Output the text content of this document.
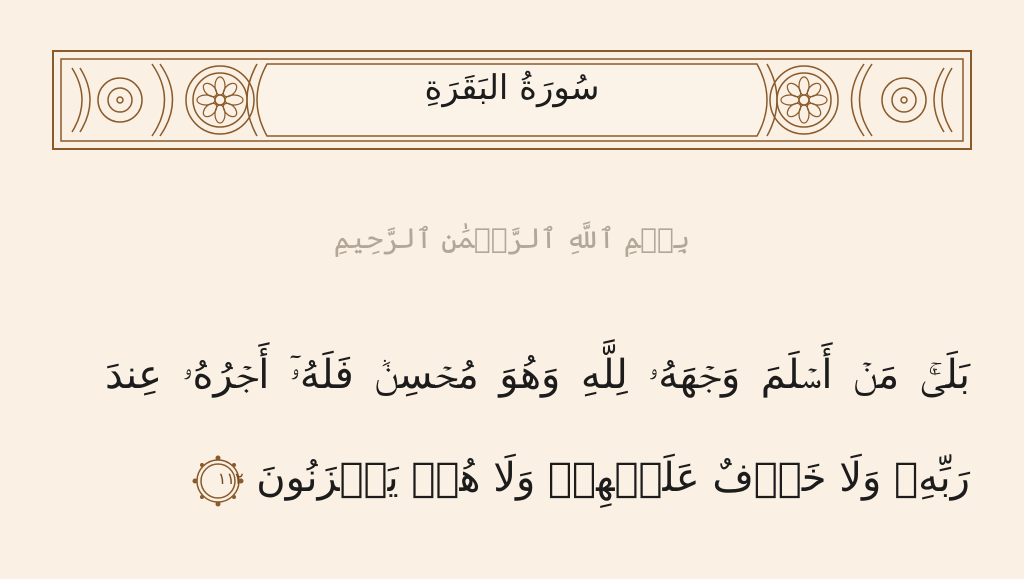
سُورَةُ البَقَرَةِ
بِسۡمِ ٱللَّهِ ٱلرَّحۡمَٰنِ ٱلرَّحِيمِ
بَلَىٰۚ مَنۡ أَسۡلَمَ وَجۡهَهُۥ لِلَّهِ وَهُوَ مُحۡسِنٞ فَلَهُۥٓ أَجۡرُهُۥ عِندَ
رَبِّهِۦ وَلَا خَوۡفٌ عَلَيۡهِمۡ وَلَا هُمۡ يَحۡزَنُونَ
١١٢
